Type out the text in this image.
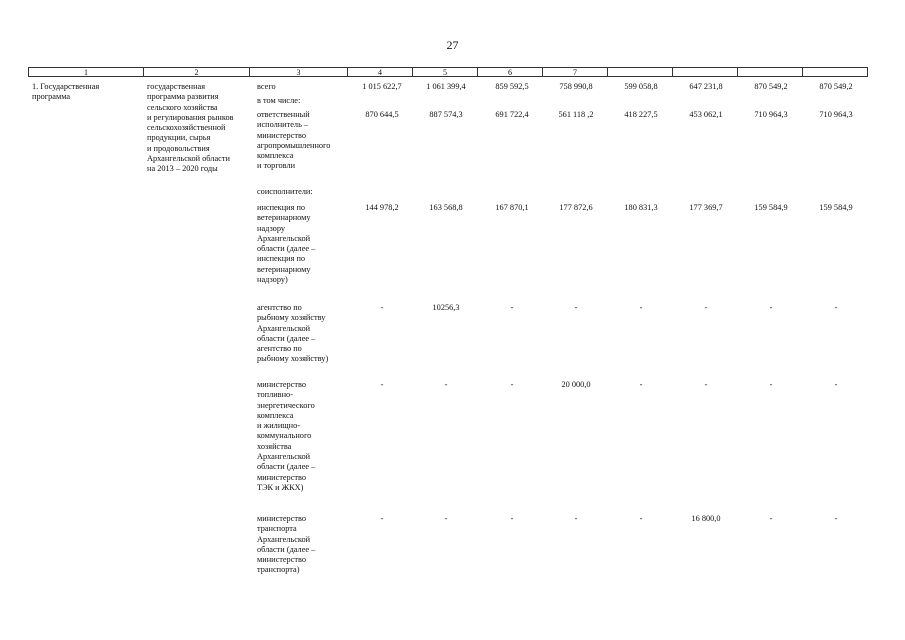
27
1	2	3	4	5	6	7
1. Государственная
программа
государственная
программа развития
сельского хозяйства
и регулирования рынков
сельскохозяйственной
продукции, сырья
и продовольствия
Архангельской области
на 2013 – 2020 годы
всего	1 015 622,7	1 061 399,4	859 592,5	758 990,8	599 058,8	647 231,8	870 549,2	870 549,2
в том числе:
ответственный
исполнитель –
министерство
агропромышленного
комплекса
и торговли
870 644,5	887 574,3	691 722,4	561 118 ,2	418 227,5	453 062,1	710 964,3	710 964,3
соисполнители:
инспекция по
ветеринарному
надзору
Архангельской
области (далее –
инспекция по
ветеринарному
надзору)
144 978,2	163 568,8	167 870,1	177 872,6	180 831,3	177 369,7	159 584,9	159 584,9
агентство по
рыбному хозяйству
Архангельской
области (далее –
агентство по
рыбному хозяйству)
-	10256,3	-	-	-	-	-	-
министерство
топливно-
энергетического
комплекса
и жилищно-
коммунального
хозяйства
Архангельской
области (далее –
министерство
ТЭК и ЖКХ)
-	-	-	20 000,0	-	-	-	-
министерство
транспорта
Архангельской
области (далее –
министерство
транспорта)
-	-	-	-	-	16 800,0	-	-
